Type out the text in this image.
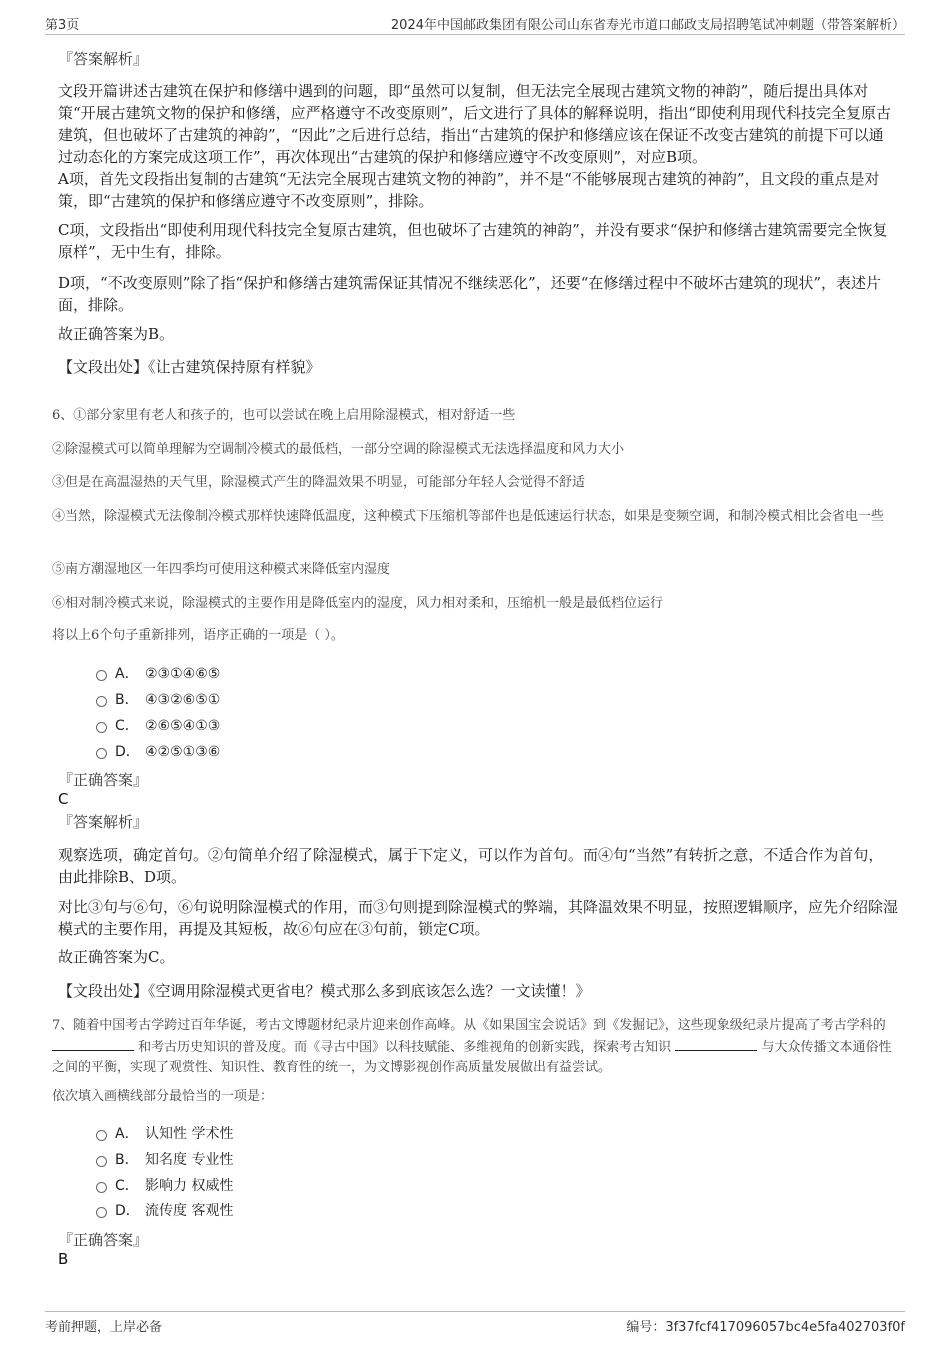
第3页	2024年中国邮政集团有限公司山东省寿光市道口邮政支局招聘笔试冲刺题（带答案解析）
『答案解析』
文段开篇讲述古建筑在保护和修缮中遇到的问题，即“虽然可以复制，但无法完全展现古建筑文物的神韵”，随后提出具体对策“开展古建筑文物的保护和修缮，应严格遵守不改变原则”，后文进行了具体的解释说明，指出“即使利用现代科技完全复原古建筑，但也破坏了古建筑的神韵”，“因此”之后进行总结，指出“古建筑的保护和修缮应该在保证不改变古建筑的前提下可以通过动态化的方案完成这项工作”，再次体现出“古建筑的保护和修缮应遵守不改变原则”，对应B项。
A项，首先文段指出复制的古建筑“无法完全展现古建筑文物的神韵”，并不是“不能够展现古建筑的神韵”，且文段的重点是对策，即“古建筑的保护和修缮应遵守不改变原则”，排除。
C项，文段指出“即使利用现代科技完全复原古建筑，但也破坏了古建筑的神韵”，并没有要求“保护和修缮古建筑需要完全恢复原样”，无中生有，排除。
D项，“不改变原则”除了指“保护和修缮古建筑需保证其情况不继续恶化”，还要“在修缮过程中不破坏古建筑的现状”，表述片面，排除。
故正确答案为B。
【文段出处】《让古建筑保持原有样貌》
6、①部分家里有老人和孩子的，也可以尝试在晚上启用除湿模式，相对舒适一些
②除湿模式可以简单理解为空调制冷模式的最低档，一部分空调的除湿模式无法选择温度和风力大小
③但是在高温湿热的天气里，除湿模式产生的降温效果不明显，可能部分年轻人会觉得不舒适
④当然，除湿模式无法像制冷模式那样快速降低温度，这种模式下压缩机等部件也是低速运行状态，如果是变频空调，和制冷模式相比会省电一些
⑤南方潮湿地区一年四季均可使用这种模式来降低室内湿度
⑥相对制冷模式来说，除湿模式的主要作用是降低室内的湿度，风力相对柔和，压缩机一般是最低档位运行
将以上6个句子重新排列，语序正确的一项是（ ）。
A． ②③①④⑥⑤
B． ④③②⑥⑤①
C． ②⑥⑤④①③
D． ④②⑤①③⑥
『正确答案』
C
『答案解析』
观察选项，确定首句。②句简单介绍了除湿模式，属于下定义，可以作为首句。而④句“当然”有转折之意，不适合作为首句，由此排除B、D项。
对比③句与⑥句，⑥句说明除湿模式的作用，而③句则提到除湿模式的弊端，其降温效果不明显，按照逻辑顺序，应先介绍除湿模式的主要作用，再提及其短板，故⑥句应在③句前，锁定C项。
故正确答案为C。
【文段出处】《空调用除湿模式更省电？模式那么多到底该怎么选？一文读懂！》
7、随着中国考古学跨过百年华诞，考古文博题材纪录片迎来创作高峰。从《如果国宝会说话》到《发掘记》，这些现象级纪录片提高了考古学科的  和考古历史知识的普及度。而《寻古中国》以科技赋能、多维视角的创新实践，探索考古知识	与大众传播文本通俗性之间的平衡，实现了观赏性、知识性、教育性的统一，为文博影视创作高质量发展做出有益尝试。
依次填入画横线部分最恰当的一项是：
A． 认知性 学术性
B． 知名度 专业性
C． 影响力 权威性
D． 流传度 客观性
『正确答案』
B
考前押题，上岸必备	编号：3f37fcf417096057bc4e5fa402703f0f
